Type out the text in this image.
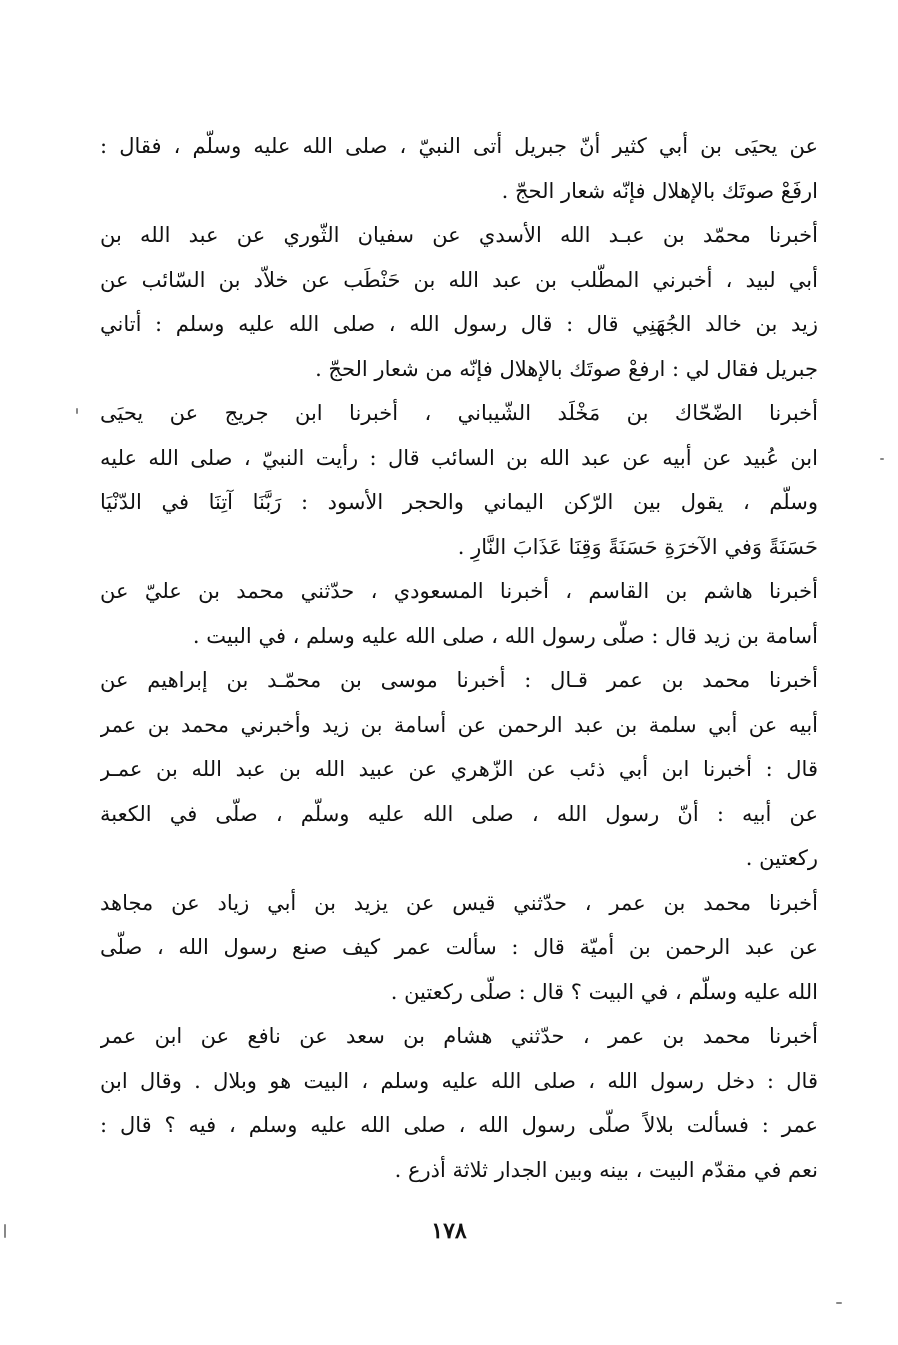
عن يحيَى بن أبي كثير أنّ جبريل أتى النبيّ ، صلى الله عليه وسلّم ، فقال :
ارفَعْ صوتَك بالإهلال فإنّه شعار الحجّ .

أخبرنا محمّد بن عبـد الله الأسدي عن سفيان الثّوري عن عبد الله بن
أبي لبيد ، أخبرني المطّلب بن عبد الله بن حَنْطَب عن خلاّد بن السّائب عن
زيد بن خالد الجُهَنِي قال : قال رسول الله ، صلى الله عليه وسلم : أتاني
جبريل فقال لي : ارفعْ صوتَك بالإهلال فإنّه من شعار الحجّ .

أخبرنا الضّحّاك بن مَخْلَد الشّيباني ، أخبرنا ابن جريج عن يحيَى
ابن عُبيد عن أبيه عن عبد الله بن السائب قال : رأيت النبيّ ، صلى الله عليه
وسلّم ، يقول بين الرّكن اليماني والحجر الأسود : رَبَّنَا آتِنَا في الدّنْيَا
حَسَنَةً وَفي الآخرَةِ حَسَنَةً وَقِنَا عَذَابَ النَّارِ .

أخبرنا هاشم بن القاسم ، أخبرنا المسعودي ، حدّثني محمد بن عليّ عن
أسامة بن زيد قال : صلّى رسول الله ، صلى الله عليه وسلم ، في البيت .

أخبرنا محمد بن عمر قـال : أخبرنا موسى بن محمّـد بن إبراهيم عن
أبيه عن أبي سلمة بن عبد الرحمن عن أسامة بن زيد وأخبرني محمد بن عمر
قال : أخبرنا ابن أبي ذئب عن الزّهري عن عبيد الله بن عبد الله بن عمـر
عن أبيه : أنّ رسول الله ، صلى الله عليه وسلّم ، صلّى في الكعبة
ركعتين .

أخبرنا محمد بن عمر ، حدّثني قيس عن يزيد بن أبي زياد عن مجاهد
عن عبد الرحمن بن أميّة قال : سألت عمر كيف صنع رسول الله ، صلّى
الله عليه وسلّم ، في البيت ؟ قال : صلّى ركعتين .

أخبرنا محمد بن عمر ، حدّثني هشام بن سعد عن نافع عن ابن عمر
قال : دخل رسول الله ، صلى الله عليه وسلم ، البيت هو وبلال . وقال ابن
عمر : فسألت بلالاً صلّى رسول الله ، صلى الله عليه وسلم ، فيه ؟ قال :
نعم في مقدّم البيت ، بينه وبين الجدار ثلاثة أذرع .

١٧٨
